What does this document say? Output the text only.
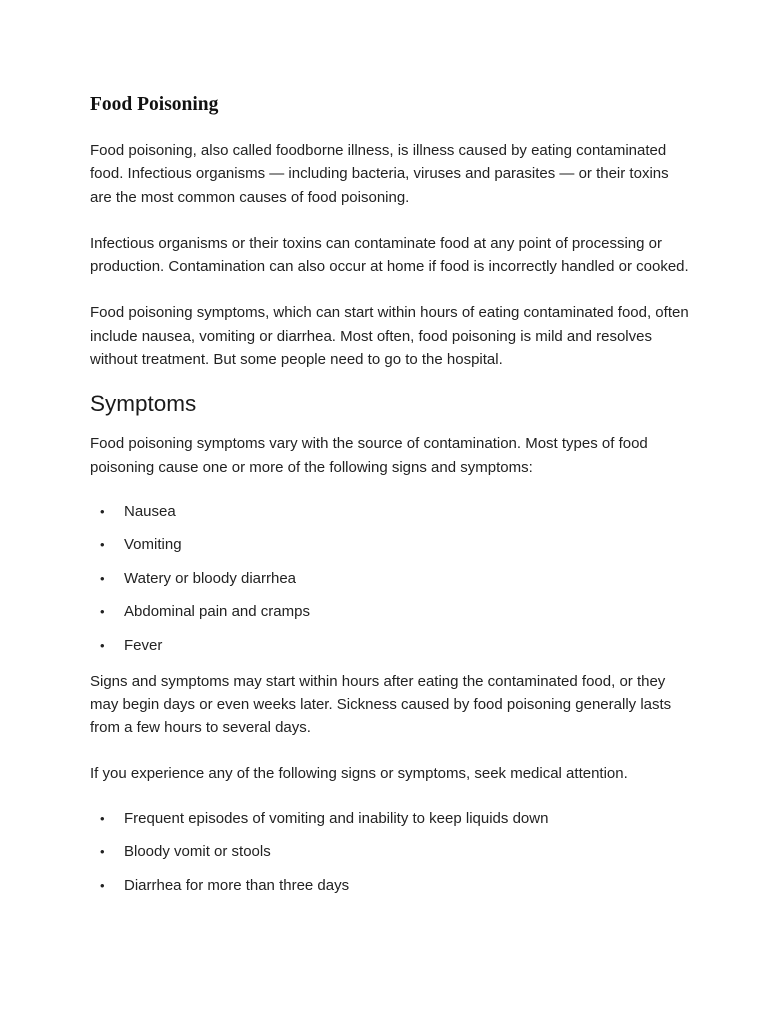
Food Poisoning

Food poisoning, also called foodborne illness, is illness caused by eating contaminated food. Infectious organisms — including bacteria, viruses and parasites — or their toxins are the most common causes of food poisoning.

Infectious organisms or their toxins can contaminate food at any point of processing or production. Contamination can also occur at home if food is incorrectly handled or cooked.

Food poisoning symptoms, which can start within hours of eating contaminated food, often include nausea, vomiting or diarrhea. Most often, food poisoning is mild and resolves without treatment. But some people need to go to the hospital.

Symptoms

Food poisoning symptoms vary with the source of contamination. Most types of food poisoning cause one or more of the following signs and symptoms:

• Nausea
• Vomiting
• Watery or bloody diarrhea
• Abdominal pain and cramps
• Fever

Signs and symptoms may start within hours after eating the contaminated food, or they may begin days or even weeks later. Sickness caused by food poisoning generally lasts from a few hours to several days.

If you experience any of the following signs or symptoms, seek medical attention.

• Frequent episodes of vomiting and inability to keep liquids down
• Bloody vomit or stools
• Diarrhea for more than three days
